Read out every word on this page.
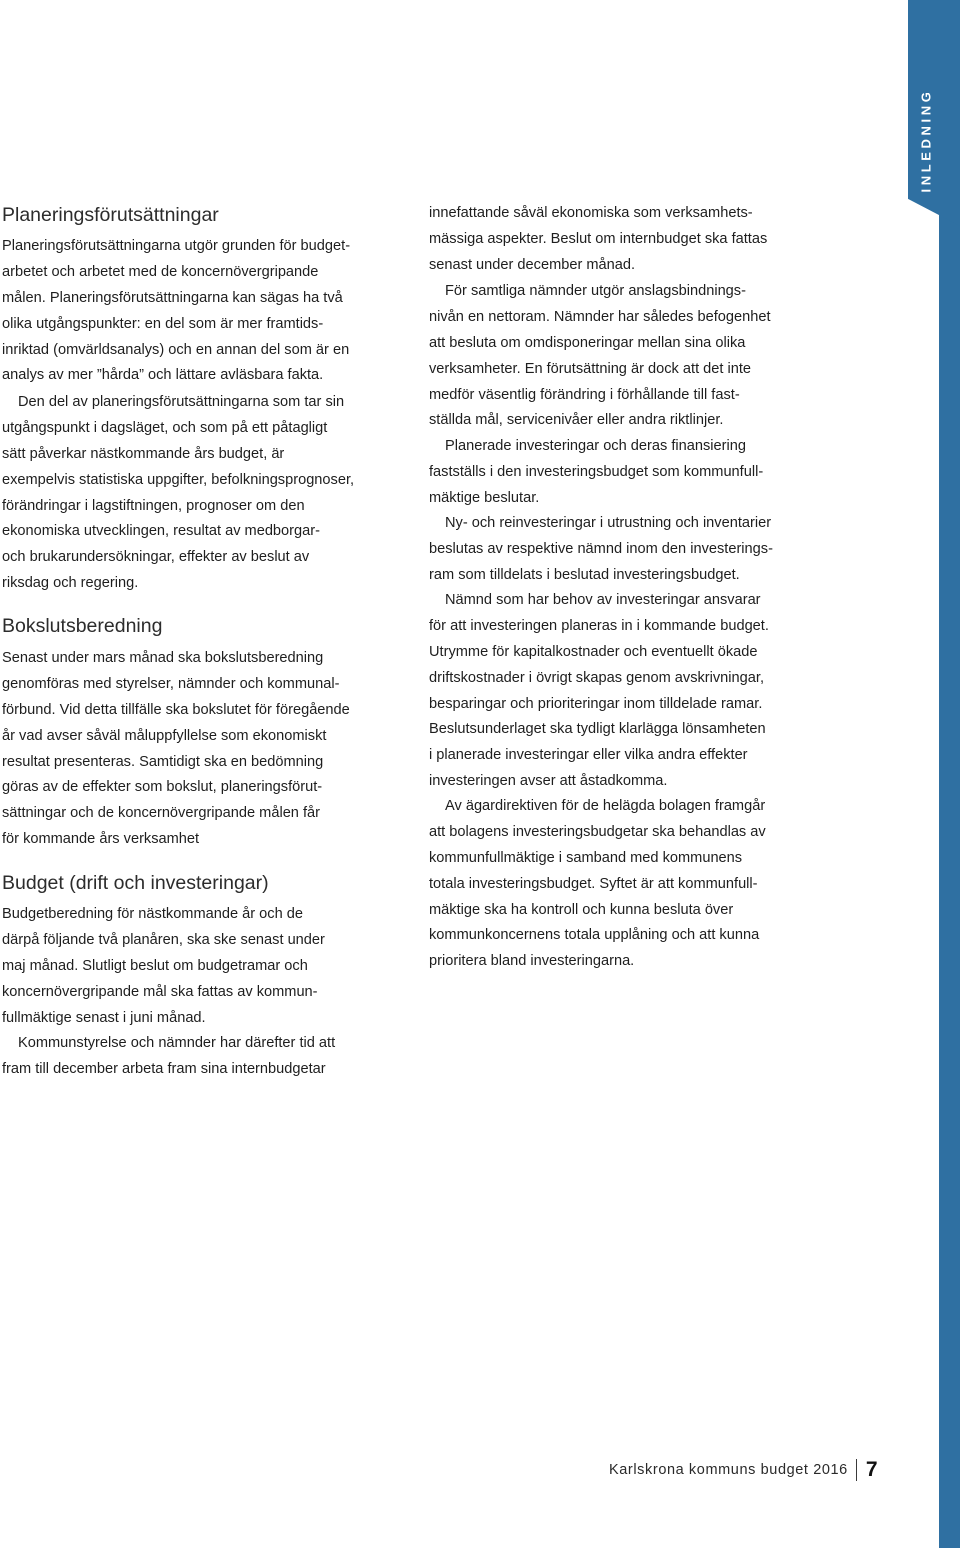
INLEDNING
Planeringsförutsättningar

Planeringsförutsättningarna utgör grunden för budget-
arbetet och arbetet med de koncernövergripande
målen. Planeringsförutsättningarna kan sägas ha två
olika utgångspunkter: en del som är mer framtids-
inriktad (omvärldsanalys) och en annan del som är en
analys av mer ”hårda” och lättare avläsbara fakta.

Den del av planeringsförutsättningarna som tar sin
utgångspunkt i dagsläget, och som på ett påtagligt
sätt påverkar nästkommande års budget, är
exempelvis statistiska uppgifter, befolkningsprognoser,
förändringar i lagstiftningen, prognoser om den
ekonomiska utvecklingen, resultat av medborgar-
och brukarundersökningar, effekter av beslut av
riksdag och regering.

Bokslutsberedning

Senast under mars månad ska bokslutsberedning
genomföras med styrelser, nämnder och kommunal-
förbund. Vid detta tillfälle ska bokslutet för föregående
år vad avser såväl måluppfyllelse som ekonomiskt
resultat presenteras. Samtidigt ska en bedömning
göras av de effekter som bokslut, planeringsförut-
sättningar och de koncernövergripande målen får
för kommande års verksamhet

Budget (drift och investeringar)

Budgetberedning för nästkommande år och de
därpå följande två planåren, ska ske senast under
maj månad. Slutligt beslut om budgetramar och
koncernövergripande mål ska fattas av kommun-
fullmäktige senast i juni månad.

Kommunstyrelse och nämnder har därefter tid att
fram till december arbeta fram sina internbudgetar

innefattande såväl ekonomiska som verksamhets-
mässiga aspekter. Beslut om internbudget ska fattas
senast under december månad.

För samtliga nämnder utgör anslagsbindnings-
nivån en nettoram. Nämnder har således befogenhet
att besluta om omdisponeringar mellan sina olika
verksamheter. En förutsättning är dock att det inte
medför väsentlig förändring i förhållande till fast-
ställda mål, servicenivåer eller andra riktlinjer.

Planerade investeringar och deras finansiering
fastställs i den investeringsbudget som kommunfull-
mäktige beslutar.

Ny- och reinvesteringar i utrustning och inventarier
beslutas av respektive nämnd inom den investerings-
ram som tilldelats i beslutad investeringsbudget.

Nämnd som har behov av investeringar ansvarar
för att investeringen planeras in i kommande budget.
Utrymme för kapitalkostnader och eventuellt ökade
driftskostnader i övrigt skapas genom avskrivningar,
besparingar och prioriteringar inom tilldelade ramar.
Beslutsunderlaget ska tydligt klarlägga lönsamheten
i planerade investeringar eller vilka andra effekter
investeringen avser att åstadkomma.

Av ägardirektiven för de helägda bolagen framgår
att bolagens investeringsbudgetar ska behandlas av
kommunfullmäktige i samband med kommunens
totala investeringsbudget. Syftet är att kommunfull-
mäktige ska ha kontroll och kunna besluta över
kommunkoncernens totala upplåning och att kunna
prioritera bland investeringarna.

Karlskrona kommuns budget 2016 7
